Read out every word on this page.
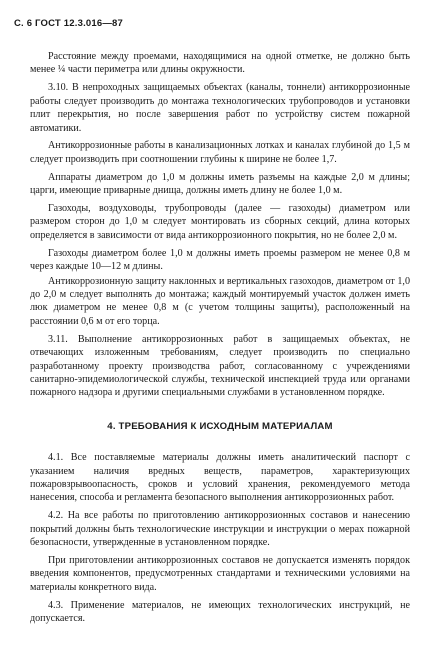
С. 6 ГОСТ 12.3.016—87

Расстояние между проемами, находящимися на одной отметке, не должно быть менее ¼ части периметра или длины окружности.

3.10. В непроходных защищаемых объектах (каналы, тоннели) антикоррозионные работы следует производить до монтажа технологических трубопроводов и установки плит перекрытия, но после завершения работ по устройству систем пожарной автоматики.

Антикоррозионные работы в канализационных лотках и каналах глубиной до 1,5 м следует производить при соотношении глубины к ширине не более 1,7.

Аппараты диаметром до 1,0 м должны иметь разъемы на каждые 2,0 м длины; царги, имеющие приварные днища, должны иметь длину не более 1,0 м.

Газоходы, воздуховоды, трубопроводы (далее — газоходы) диаметром или размером сторон до 1,0 м следует монтировать из сборных секций, длина которых определяется в зависимости от вида антикоррозионного покрытия, но не более 2,0 м.

Газоходы диаметром более 1,0 м должны иметь проемы размером не менее 0,8 м через каждые 10—12 м длины.

Антикоррозионную защиту наклонных и вертикальных газоходов, диаметром от 1,0 до 2,0 м следует выполнять до монтажа; каждый монтируемый участок должен иметь люк диаметром не менее 0,8 м (с учетом толщины защиты), расположенный на расстоянии 0,6 м от его торца.

3.11. Выполнение антикоррозионных работ в защищаемых объектах, не отвечающих изложенным требованиям, следует производить по специально разработанному проекту производства работ, согласованному с учреждениями санитарно-эпидемиологической службы, технической инспекцией труда или органами пожарного надзора и другими специальными службами в установленном порядке.

4. ТРЕБОВАНИЯ К ИСХОДНЫМ МАТЕРИАЛАМ

4.1. Все поставляемые материалы должны иметь аналитический паспорт с указанием наличия вредных веществ, параметров, характеризующих пожаровзрывоопасность, сроков и условий хранения, рекомендуемого метода нанесения, способа и регламента безопасного выполнения антикоррозионных работ.

4.2. На все работы по приготовлению антикоррозионных составов и нанесению покрытий должны быть технологические инструкции и инструкции о мерах пожарной безопасности, утвержденные в установленном порядке.

При приготовлении антикоррозионных составов не допускается изменять порядок введения компонентов, предусмотренных стандартами и техническими условиями на материалы конкретного вида.

4.3. Применение материалов, не имеющих технологических инструкций, не допускается.
